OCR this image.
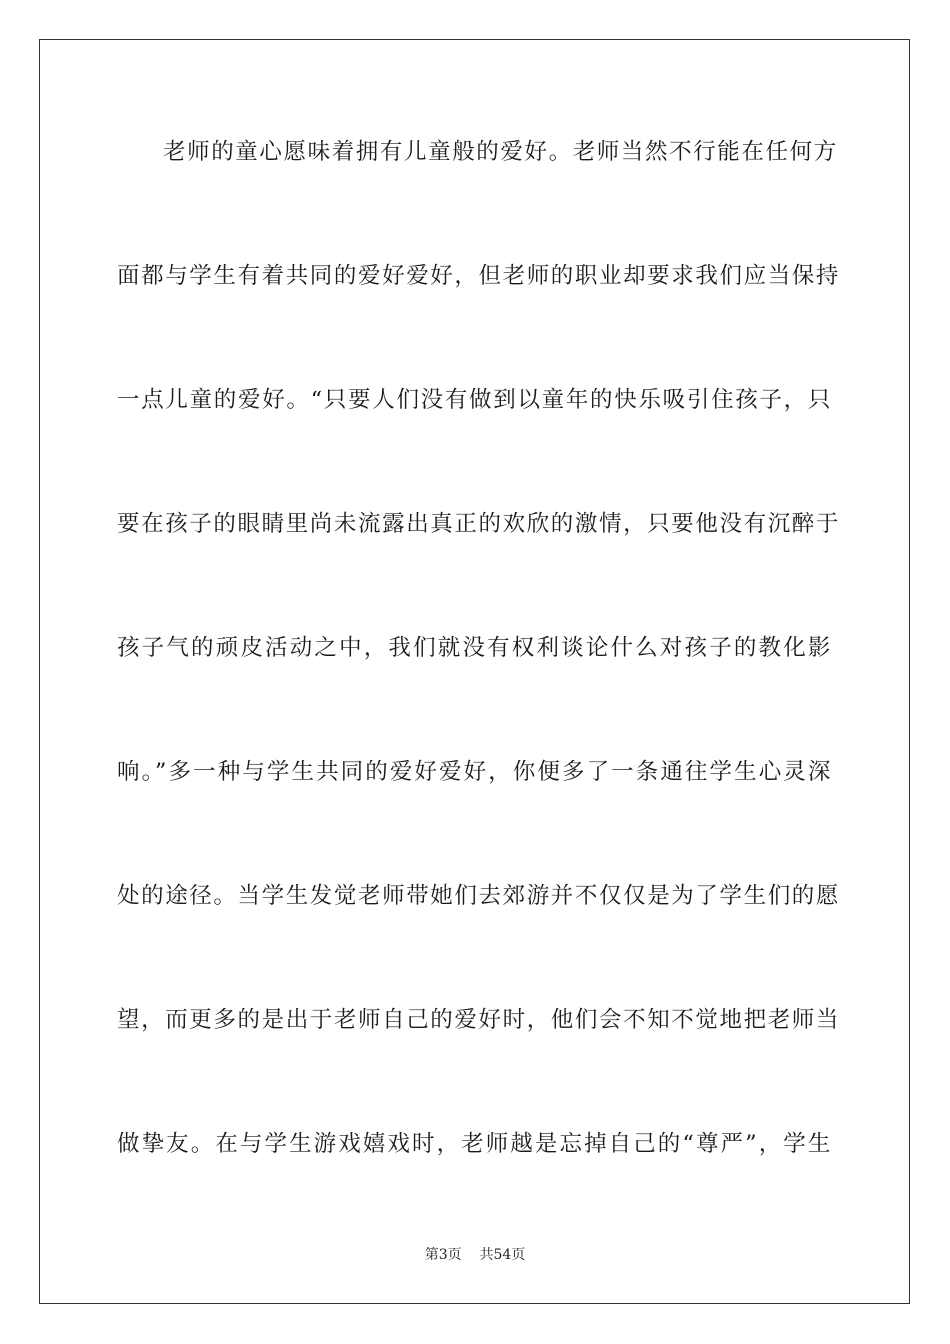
老师的童心愿味着拥有儿童般的爱好。老师当然不行能在任何方
面都与学生有着共同的爱好爱好，但老师的职业却要求我们应当保持
一点儿童的爱好。“只要人们没有做到以童年的快乐吸引住孩子，只
要在孩子的眼睛里尚未流露出真正的欢欣的激情，只要他没有沉醉于
孩子气的顽皮活动之中，我们就没有权利谈论什么对孩子的教化影
响。”多一种与学生共同的爱好爱好，你便多了一条通往学生心灵深
处的途径。当学生发觉老师带她们去郊游并不仅仅是为了学生们的愿
望，而更多的是出于老师自己的爱好时，他们会不知不觉地把老师当
做挚友。在与学生游戏嬉戏时，老师越是忘掉自己的“尊严”，学生
第3页 共54页
